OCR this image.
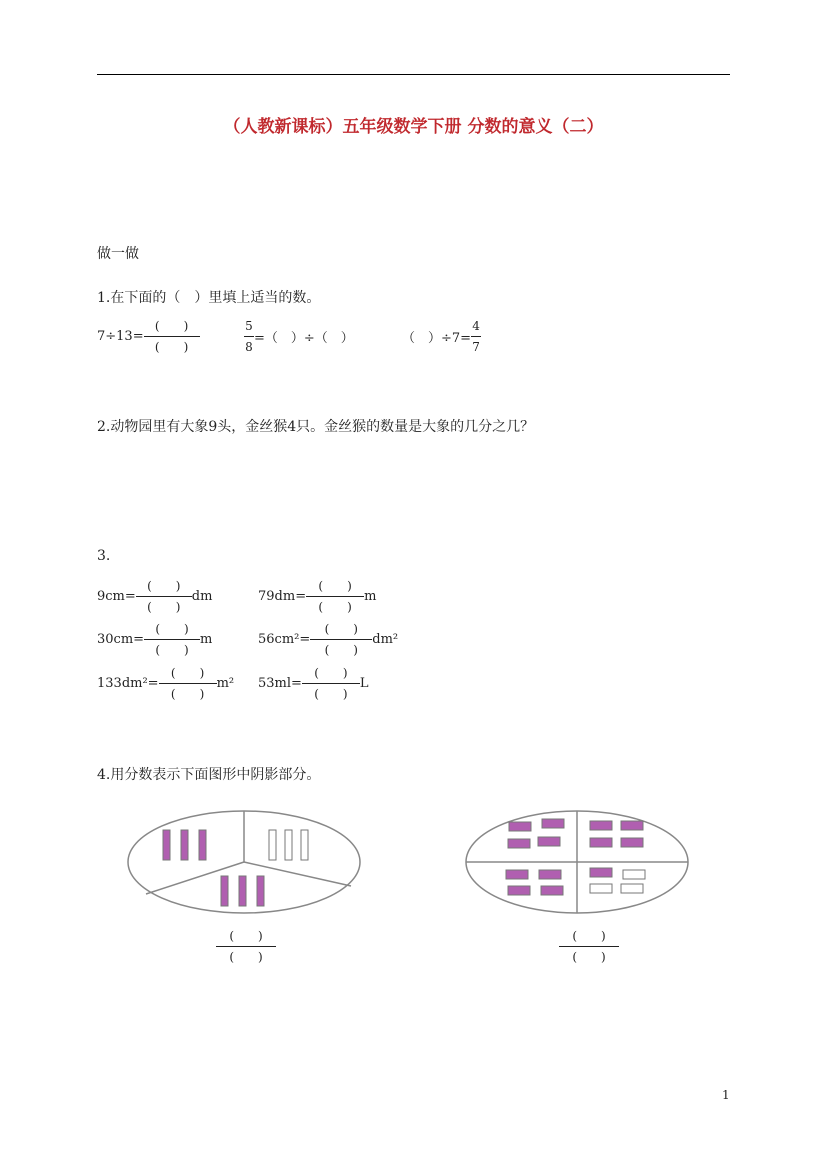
（人教新课标）五年级数学下册 分数的意义（二）
做一做
1.在下面的（　）里填上适当的数。
$7\div 13= \frac{( )}{( )}$	$\frac{5}{8}$ =（　）÷（　）	（　）$\div 7= \frac{4}{7}$
2.动物园里有大象9头，金丝猴4只。金丝猴的数量是大象的几分之几？
3.
$9cm= \frac{( )}{( )}$ dm	$79dm= \frac{( )}{( )}$ m
$30cm= \frac{( )}{( )}$ m	$56cm^2= \frac{( )}{( )} dm^2$
$133dm^2= \frac{( )}{( )} m^2$ $53ml= \frac{( )}{( )}$ L
4.用分数表示下面图形中阴影部分。
(　　)
(　　)
(　　)
(　　)
1
